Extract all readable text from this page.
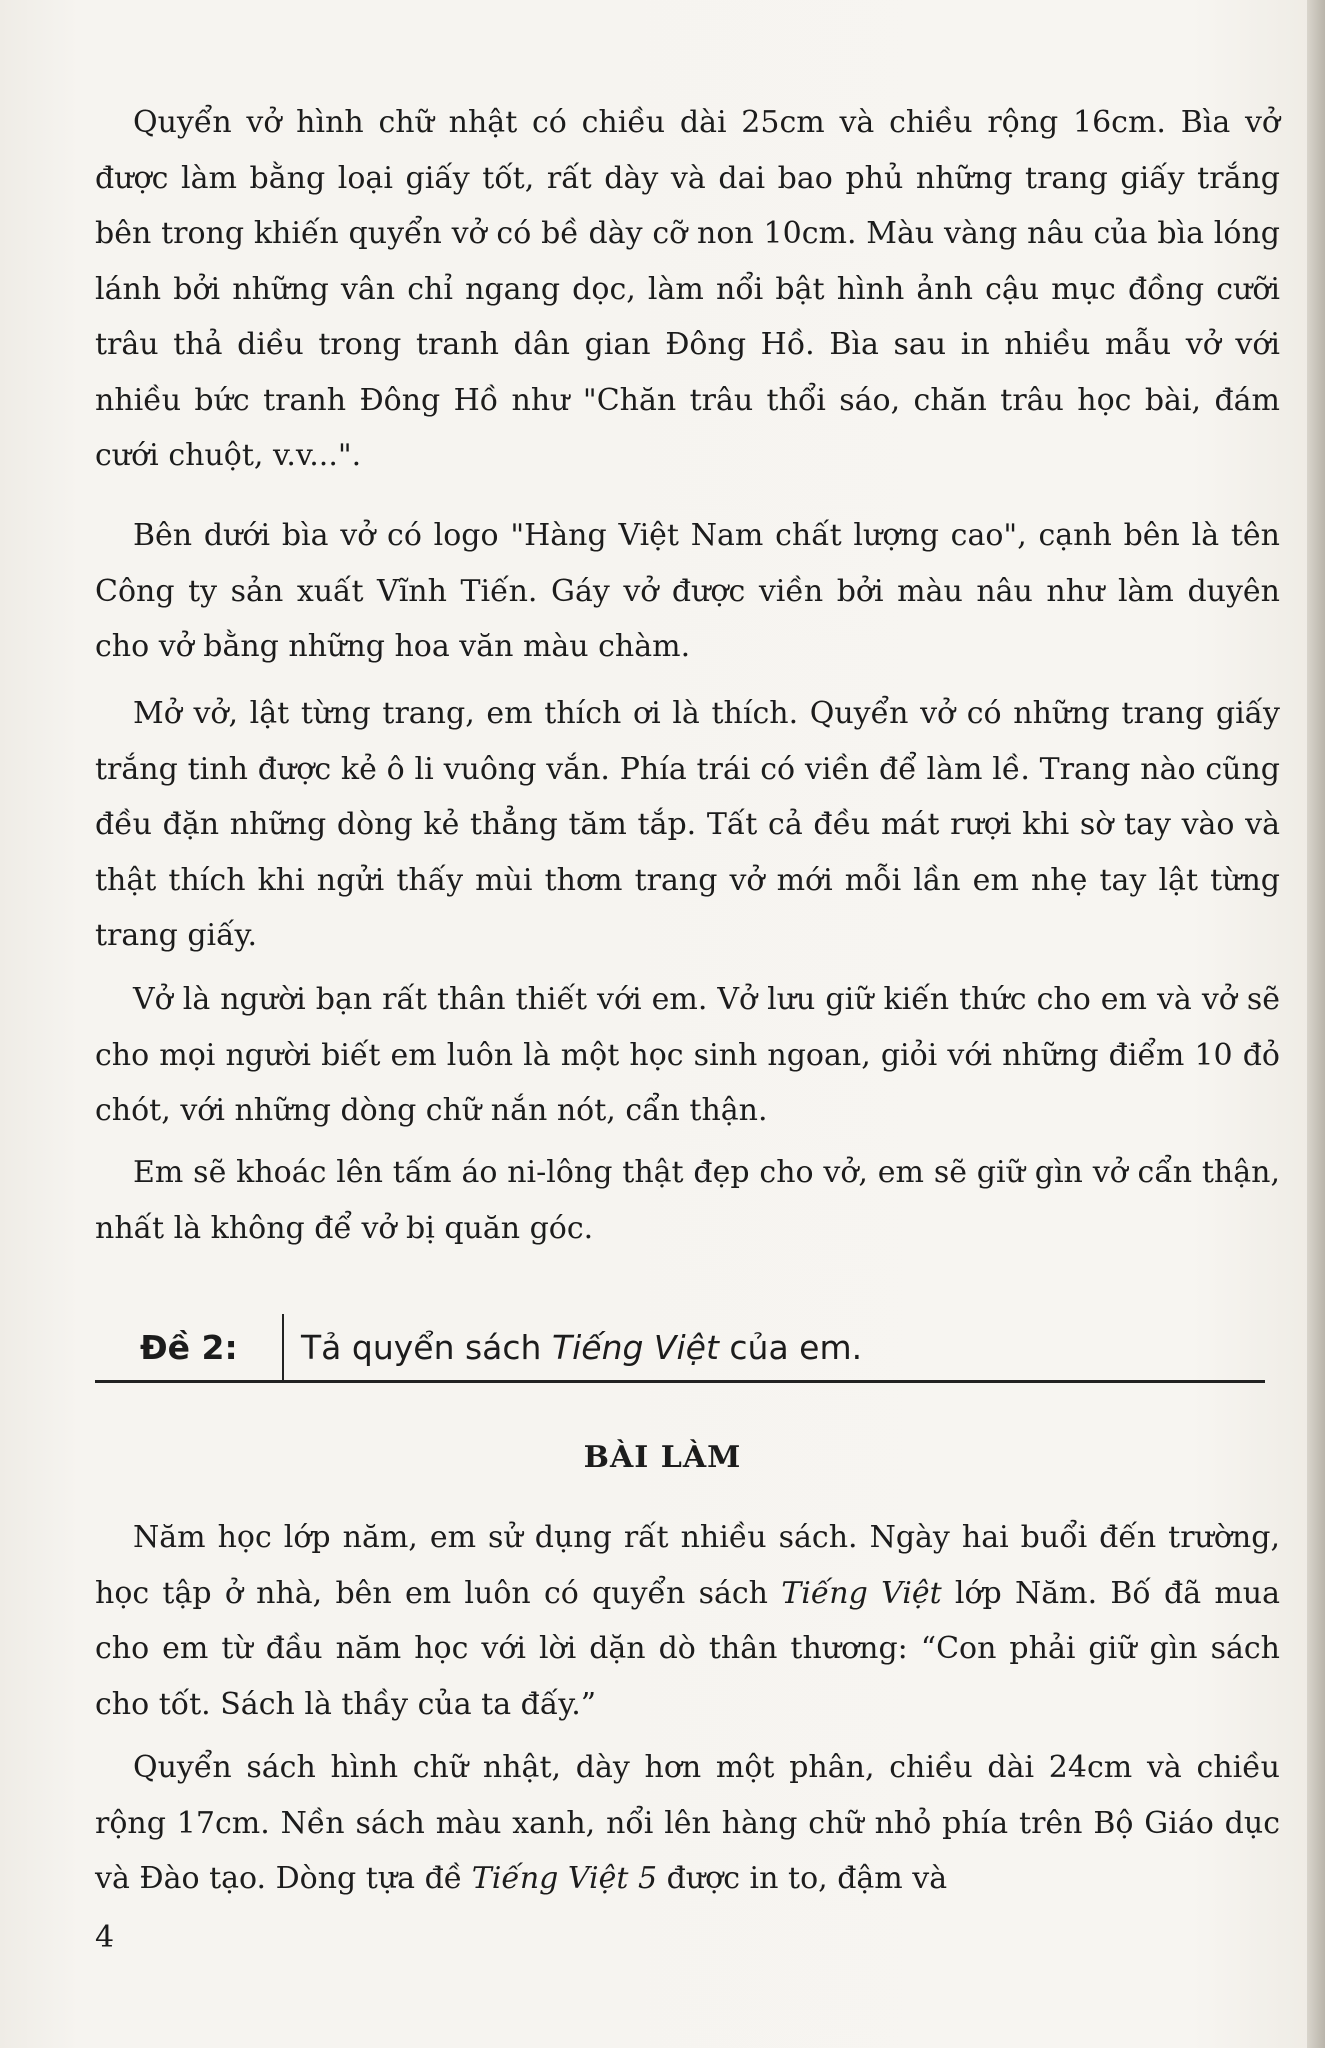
Quyển vở hình chữ nhật có chiều dài 25cm và chiều rộng 16cm. Bìa vở được làm bằng loại giấy tốt, rất dày và dai bao phủ những trang giấy trắng bên trong khiến quyển vở có bề dày cỡ non 10cm. Màu vàng nâu của bìa lóng lánh bởi những vân chỉ ngang dọc, làm nổi bật hình ảnh cậu mục đồng cưỡi trâu thả diều trong tranh dân gian Đông Hồ. Bìa sau in nhiều mẫu vở với nhiều bức tranh Đông Hồ như "Chăn trâu thổi sáo, chăn trâu học bài, đám cưới chuột, v.v...".

Bên dưới bìa vở có logo "Hàng Việt Nam chất lượng cao", cạnh bên là tên Công ty sản xuất Vĩnh Tiến. Gáy vở được viền bởi màu nâu như làm duyên cho vở bằng những hoa văn màu chàm.

Mở vở, lật từng trang, em thích ơi là thích. Quyển vở có những trang giấy trắng tinh được kẻ ô li vuông vắn. Phía trái có viền để làm lề. Trang nào cũng đều đặn những dòng kẻ thẳng tăm tắp. Tất cả đều mát rượi khi sờ tay vào và thật thích khi ngửi thấy mùi thơm trang vở mới mỗi lần em nhẹ tay lật từng trang giấy.

Vở là người bạn rất thân thiết với em. Vở lưu giữ kiến thức cho em và vở sẽ cho mọi người biết em luôn là một học sinh ngoan, giỏi với những điểm 10 đỏ chót, với những dòng chữ nắn nót, cẩn thận.

Em sẽ khoác lên tấm áo ni-lông thật đẹp cho vở, em sẽ giữ gìn vở cẩn thận, nhất là không để vở bị quăn góc.

Đề 2: Tả quyển sách Tiếng Việt của em.
BÀI LÀM

Năm học lớp năm, em sử dụng rất nhiều sách. Ngày hai buổi đến trường, học tập ở nhà, bên em luôn có quyển sách Tiếng Việt lớp Năm. Bố đã mua cho em từ đầu năm học với lời dặn dò thân thương: “Con phải giữ gìn sách cho tốt. Sách là thầy của ta đấy.”

Quyển sách hình chữ nhật, dày hơn một phân, chiều dài 24cm và chiều rộng 17cm. Nền sách màu xanh, nổi lên hàng chữ nhỏ phía trên Bộ Giáo dục và Đào tạo. Dòng tựa đề Tiếng Việt 5 được in to, đậm và

4
